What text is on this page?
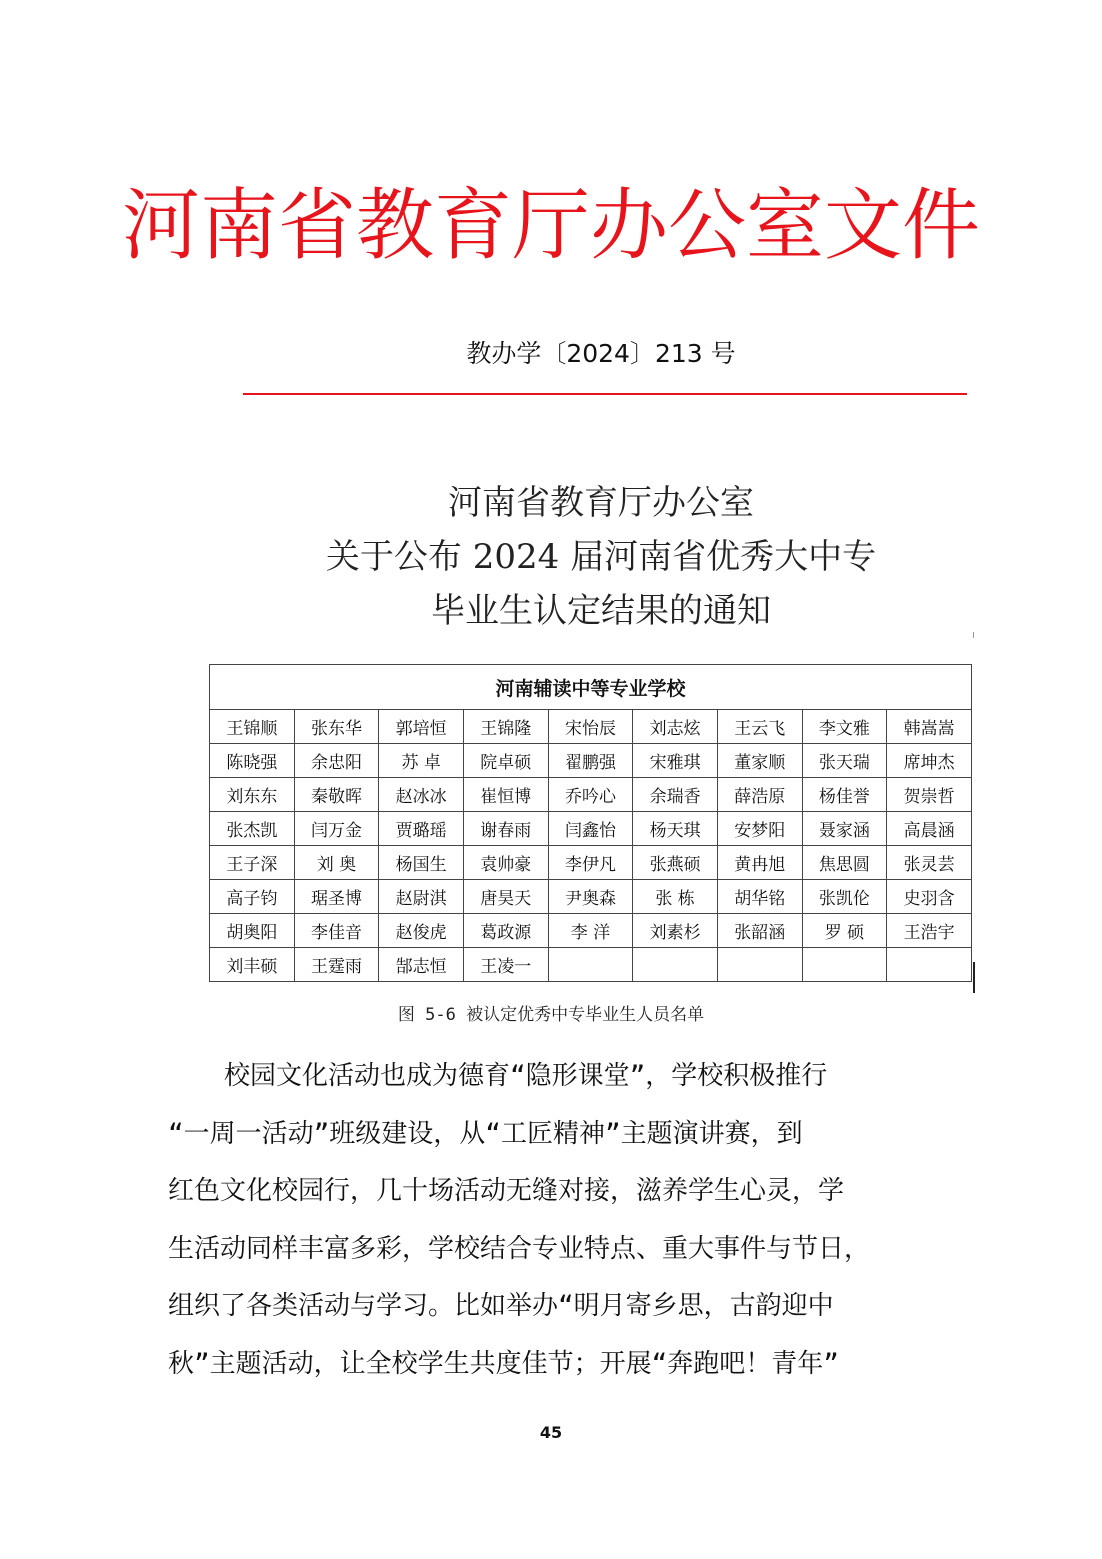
河南省教育厅办公室文件
教办学〔2024〕213 号
河南省教育厅办公室
关于公布 2024 届河南省优秀大中专
毕业生认定结果的通知
河南辅读中等专业学校								
王锦顺	张东华	郭培恒	王锦隆	宋怡辰	刘志炫	王云飞	李文雅	韩嵩嵩
陈晓强	余忠阳	苏 卓	院卓硕	翟鹏强	宋雅琪	董家顺	张天瑞	席坤杰
刘东东	秦敬晖	赵冰冰	崔恒博	乔吟心	余瑞香	薛浩原	杨佳誉	贺崇哲
张杰凯	闫万金	贾璐瑶	谢春雨	闫鑫怡	杨天琪	安梦阳	聂家涵	高晨涵
王子深	刘 奥	杨国生	袁帅豪	李伊凡	张燕硕	黄冉旭	焦思圆	张灵芸
高子钧	琚圣博	赵尉淇	唐昊天	尹奥森	张 栋	胡华铭	张凯伦	史羽含
胡奥阳	李佳音	赵俊虎	葛政源	李 洋	刘素杉	张韶涵	罗 硕	王浩宇
刘丰硕	王霆雨	郜志恒	王凌一					
图 5-6 被认定优秀中专毕业生人员名单
校园文化活动也成为德育“隐形课堂”，学校积极推行
“一周一活动”班级建设，从“工匠精神”主题演讲赛，到
红色文化校园行，几十场活动无缝对接，滋养学生心灵，学
生活动同样丰富多彩，学校结合专业特点、重大事件与节日，
组织了各类活动与学习。比如举办“明月寄乡思，古韵迎中
秋”主题活动，让全校学生共度佳节；开展“奔跑吧！青年”
45
